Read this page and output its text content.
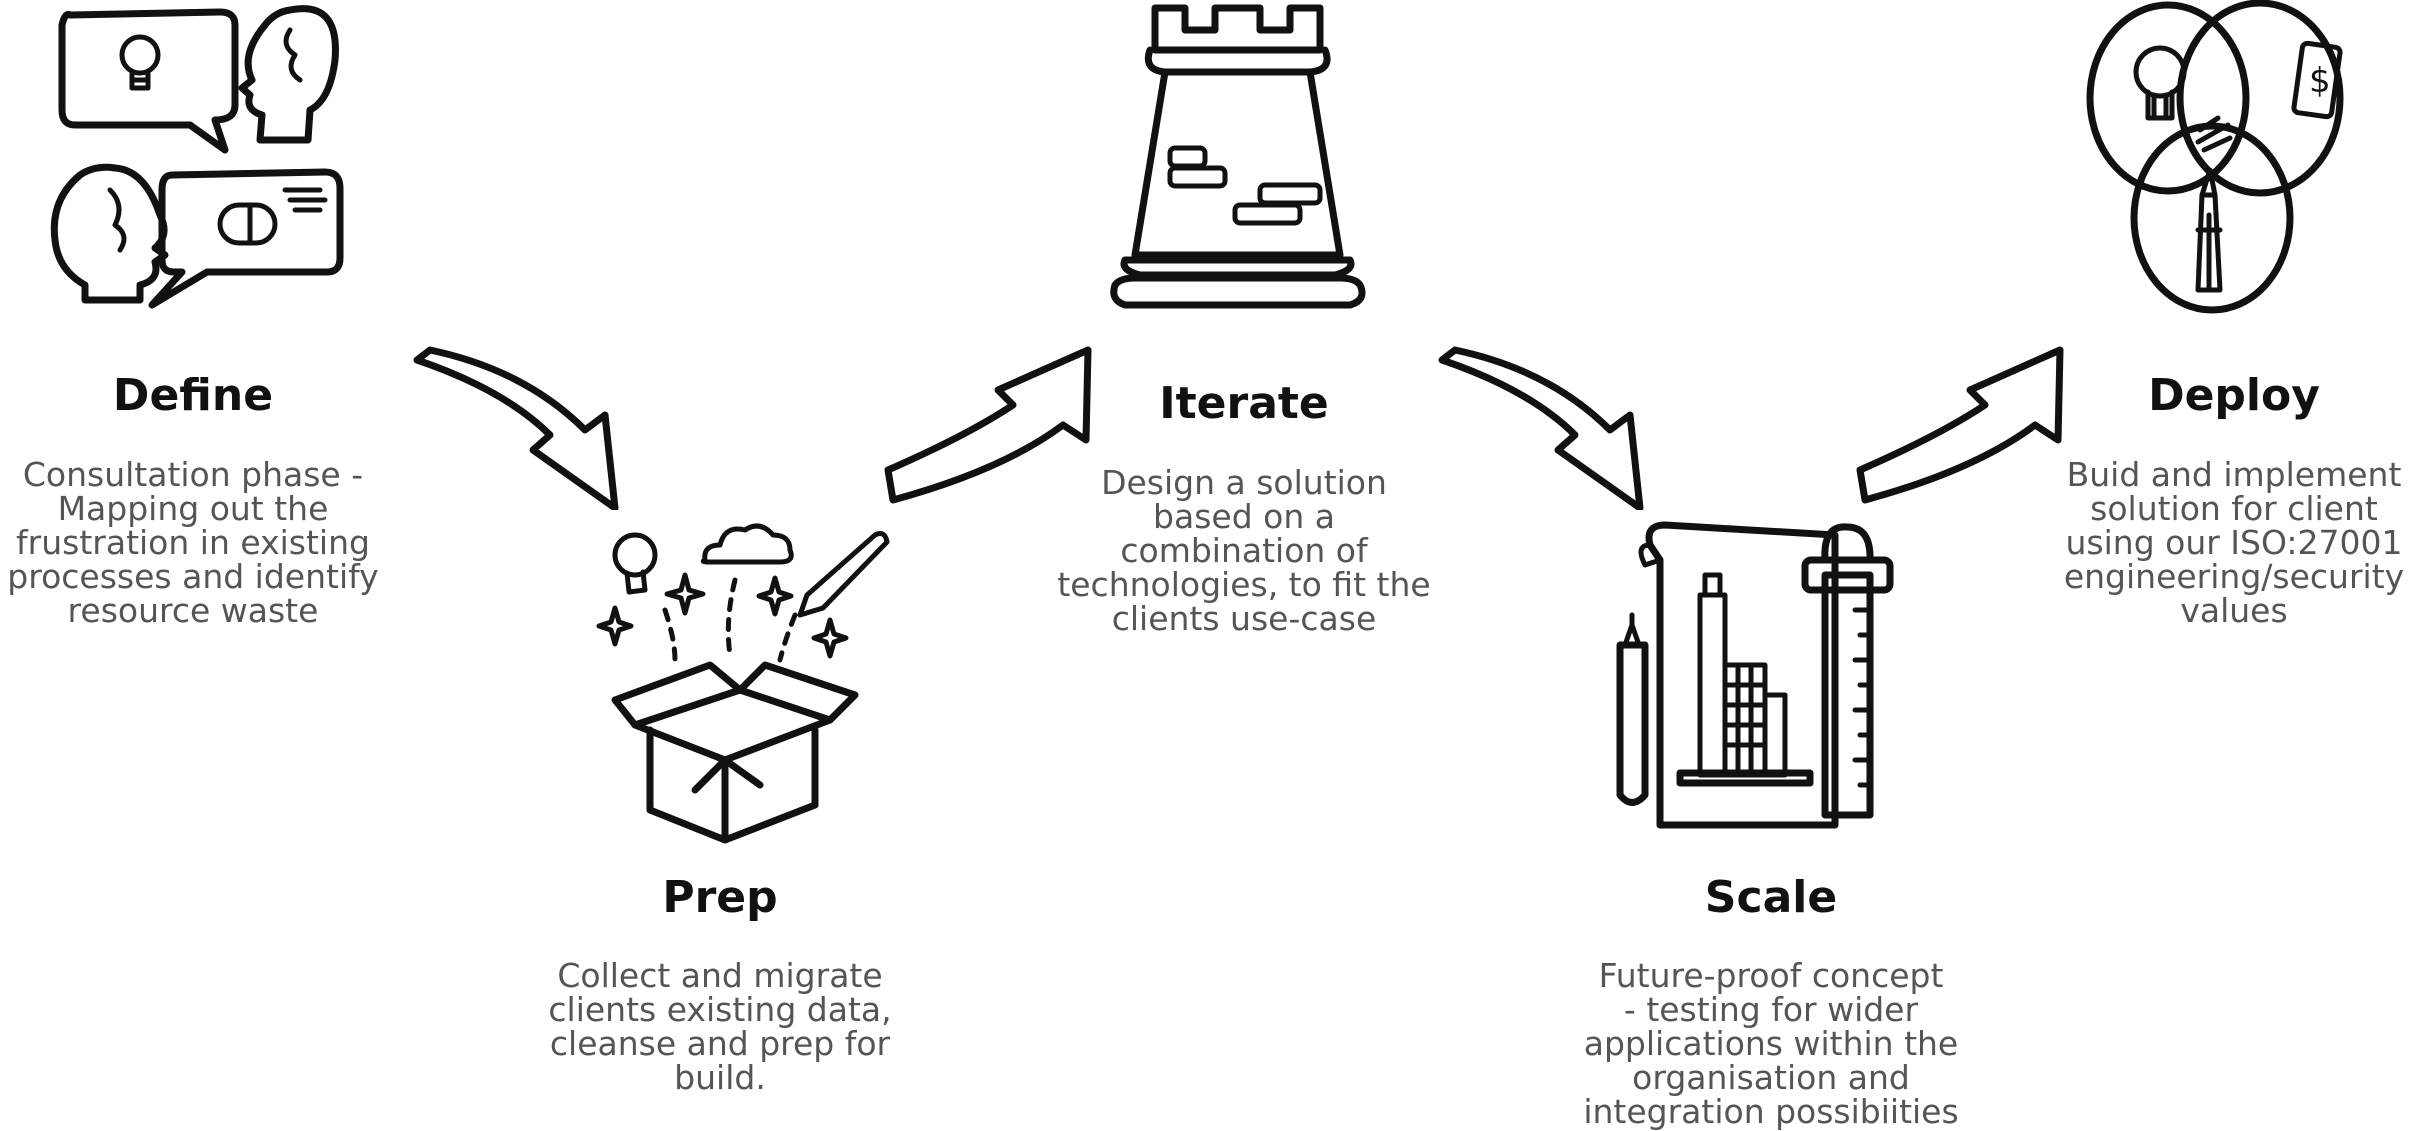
Define
Consultation phase -
Mapping out the
frustration in existing
processes and identify
resource waste
Prep
Collect and migrate
clients existing data,
cleanse and prep for
build.
Iterate
Design a solution
based on a
combination of
technologies, to fit the
clients use-case
Scale
Future-proof concept
- testing for wider
applications within the
organisation and
integration possibiities
$
Deploy
Buid and implement
solution for client
using our ISO:27001
engineering/security
values
